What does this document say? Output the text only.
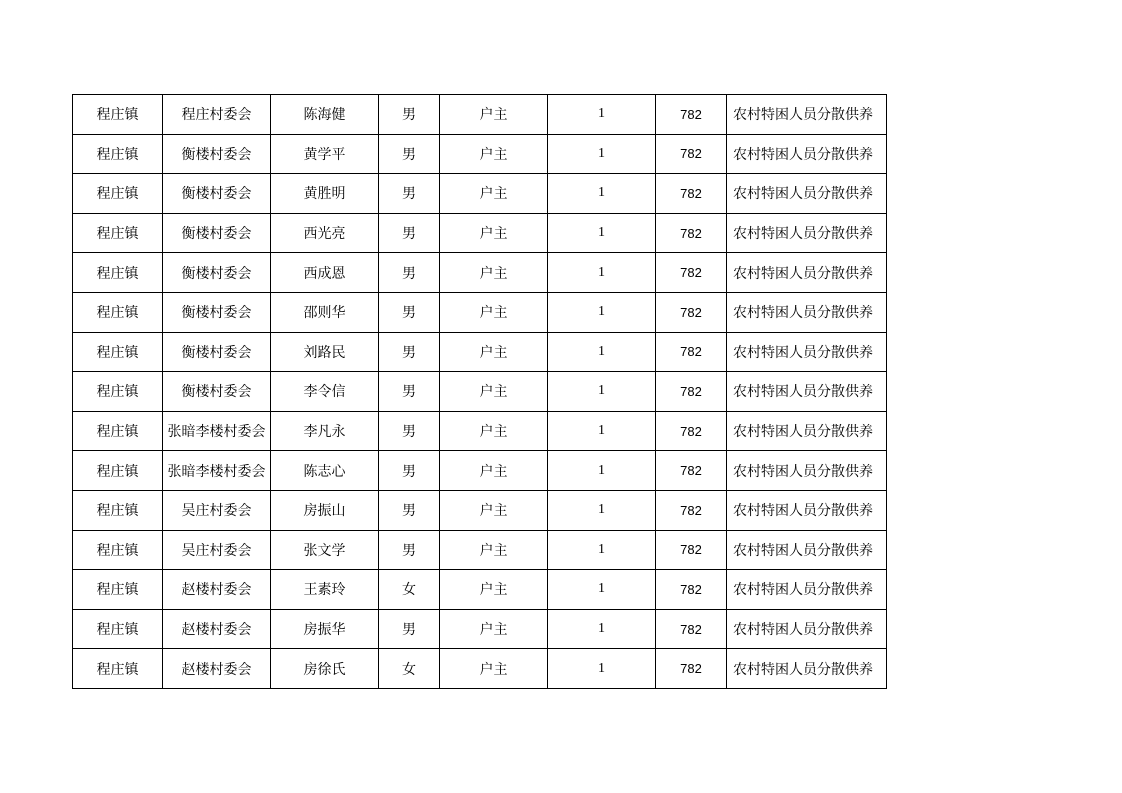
程庄镇	程庄村委会	陈海健	男	户主	1	782	农村特困人员分散供养
程庄镇	衡楼村委会	黄学平	男	户主	1	782	农村特困人员分散供养
程庄镇	衡楼村委会	黄胜明	男	户主	1	782	农村特困人员分散供养
程庄镇	衡楼村委会	西光亮	男	户主	1	782	农村特困人员分散供养
程庄镇	衡楼村委会	西成恩	男	户主	1	782	农村特困人员分散供养
程庄镇	衡楼村委会	邵则华	男	户主	1	782	农村特困人员分散供养
程庄镇	衡楼村委会	刘路民	男	户主	1	782	农村特困人员分散供养
程庄镇	衡楼村委会	李令信	男	户主	1	782	农村特困人员分散供养
程庄镇	张暗李楼村委会	李凡永	男	户主	1	782	农村特困人员分散供养
程庄镇	张暗李楼村委会	陈志心	男	户主	1	782	农村特困人员分散供养
程庄镇	吴庄村委会	房振山	男	户主	1	782	农村特困人员分散供养
程庄镇	吴庄村委会	张文学	男	户主	1	782	农村特困人员分散供养
程庄镇	赵楼村委会	王素玲	女	户主	1	782	农村特困人员分散供养
程庄镇	赵楼村委会	房振华	男	户主	1	782	农村特困人员分散供养
程庄镇	赵楼村委会	房徐氏	女	户主	1	782	农村特困人员分散供养
